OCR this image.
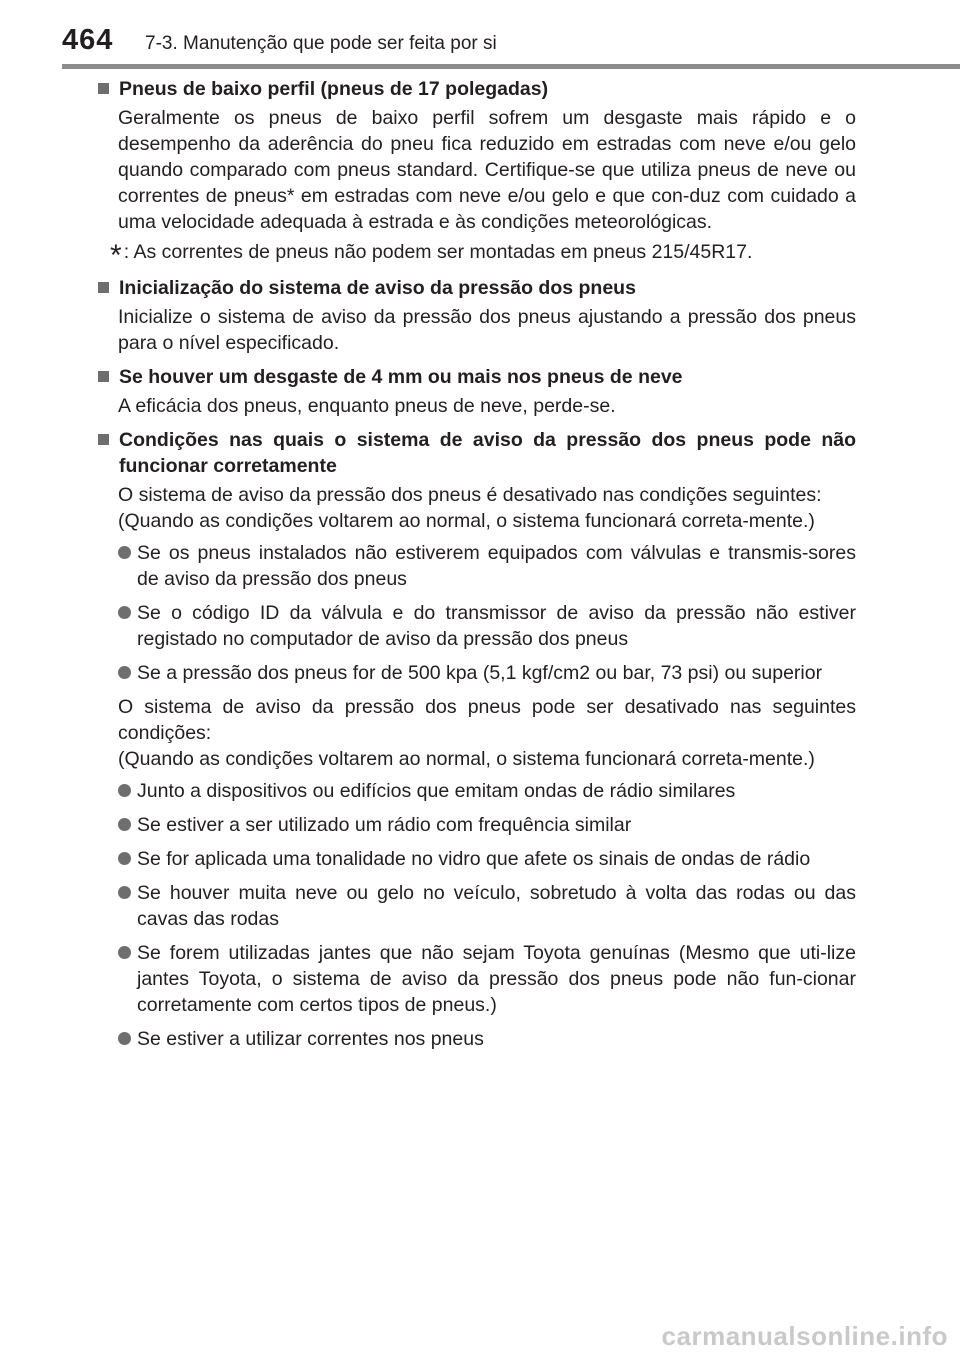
464 7-3. Manutenção que pode ser feita por si
Pneus de baixo perfil (pneus de 17 polegadas)
Geralmente os pneus de baixo perfil sofrem um desgaste mais rápido e o desempenho da aderência do pneu fica reduzido em estradas com neve e/ou gelo quando comparado com pneus standard. Certifique-se que utiliza pneus de neve ou correntes de pneus* em estradas com neve e/ou gelo e que con-duz com cuidado a uma velocidade adequada à estrada e às condições meteorológicas.
* : As correntes de pneus não podem ser montadas em pneus 215/45R17.
Inicialização do sistema de aviso da pressão dos pneus
Inicialize o sistema de aviso da pressão dos pneus ajustando a pressão dos pneus para o nível especificado.
Se houver um desgaste de 4 mm ou mais nos pneus de neve
A eficácia dos pneus, enquanto pneus de neve, perde-se.
Condições nas quais o sistema de aviso da pressão dos pneus pode não funcionar corretamente
O sistema de aviso da pressão dos pneus é desativado nas condições seguintes:
(Quando as condições voltarem ao normal, o sistema funcionará correta-mente.)
Se os pneus instalados não estiverem equipados com válvulas e transmis-sores de aviso da pressão dos pneus
Se o código ID da válvula e do transmissor de aviso da pressão não estiver registado no computador de aviso da pressão dos pneus
Se a pressão dos pneus for de 500 kpa (5,1 kgf/cm2 ou bar, 73 psi) ou superior
O sistema de aviso da pressão dos pneus pode ser desativado nas seguintes condições:
(Quando as condições voltarem ao normal, o sistema funcionará correta-mente.)
Junto a dispositivos ou edifícios que emitam ondas de rádio similares
Se estiver a ser utilizado um rádio com frequência similar
Se for aplicada uma tonalidade no vidro que afete os sinais de ondas de rádio
Se houver muita neve ou gelo no veículo, sobretudo à volta das rodas ou das cavas das rodas
Se forem utilizadas jantes que não sejam Toyota genuínas (Mesmo que uti-lize jantes Toyota, o sistema de aviso da pressão dos pneus pode não fun-cionar corretamente com certos tipos de pneus.)
Se estiver a utilizar correntes nos pneus
carmanualsonline.info
